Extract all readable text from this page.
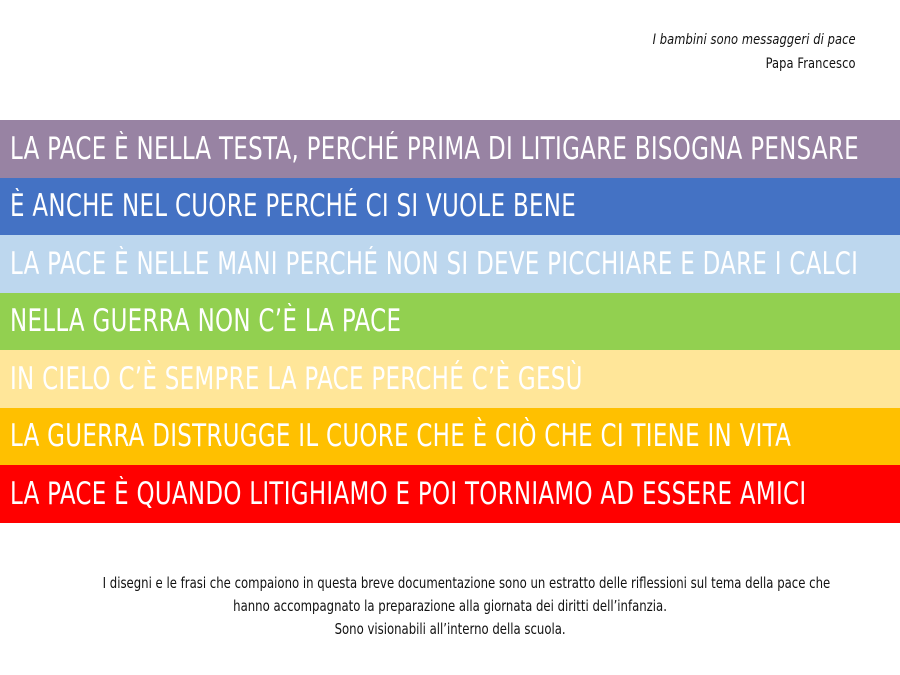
I bambini sono messaggeri di pace
Papa Francesco
LA PACE È NELLA TESTA, PERCHÉ PRIMA DI LITIGARE BISOGNA PENSARE
È ANCHE NEL CUORE PERCHÉ CI SI VUOLE BENE
LA PACE È NELLE MANI PERCHÉ NON SI DEVE PICCHIARE E DARE I CALCI
NELLA GUERRA NON C’È LA PACE
IN CIELO C’È SEMPRE LA PACE PERCHÉ C’È GESÙ
LA GUERRA DISTRUGGE IL CUORE CHE È CIÒ CHE CI TIENE IN VITA
LA PACE È QUANDO LITIGHIAMO E POI TORNIAMO AD ESSERE AMICI
I disegni e le frasi che compaiono in questa breve documentazione sono un estratto delle riflessioni sul tema della pace che
hanno accompagnato la preparazione alla giornata dei diritti dell’infanzia.
Sono visionabili all’interno della scuola.
